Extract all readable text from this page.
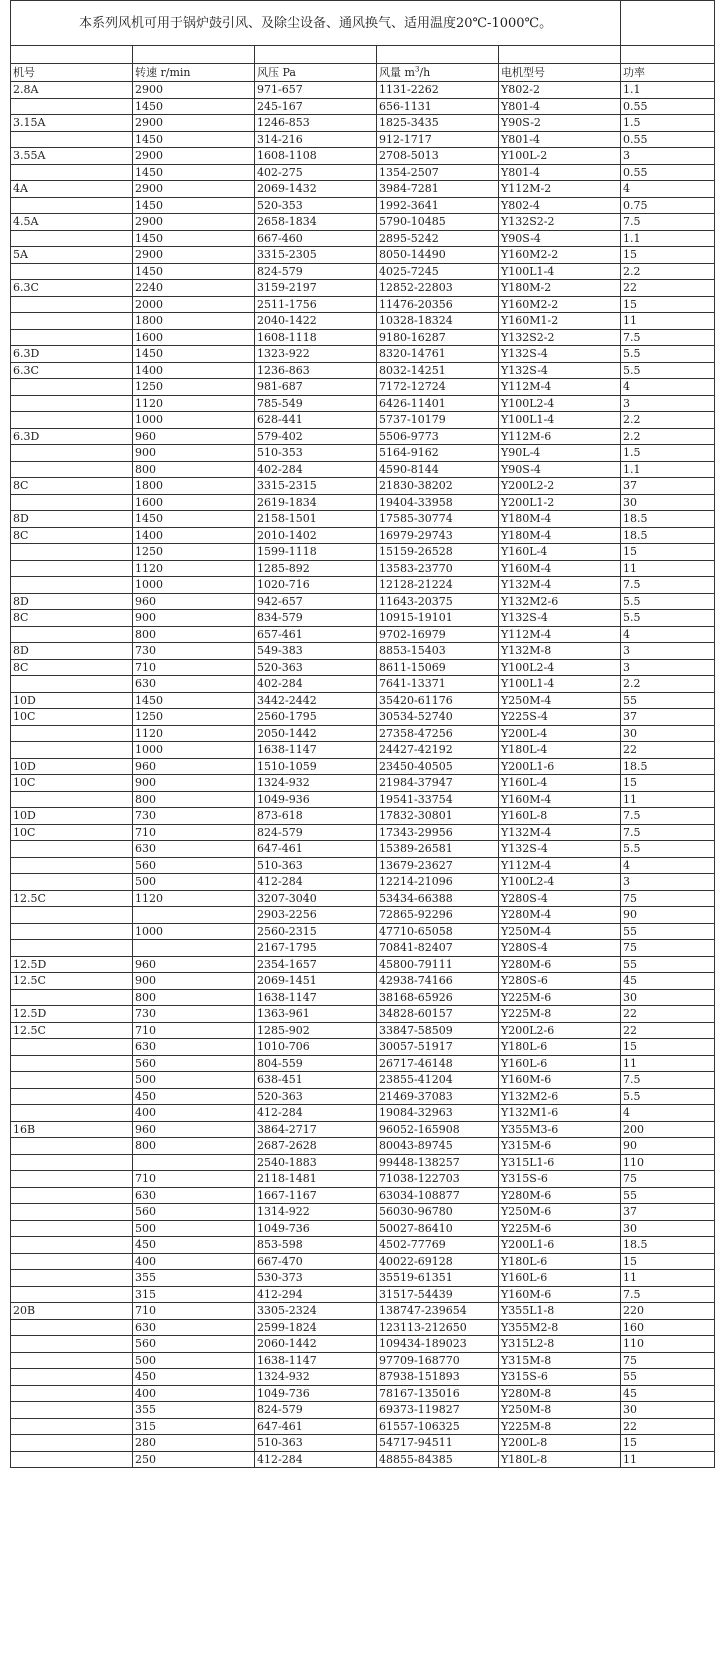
本系列风机可用于锅炉鼓引风、及除尘设备、通风换气、适用温度20℃-1000℃。					

机号	转速 r/min	风压 Pa	风量 $m^3/h$	电机型号	功率
2.8A	2900	971-657	1131-2262	Y802-2	1.1
	1450	245-167	656-1131	Y801-4	0.55
3.15A	2900	1246-853	1825-3435	Y90S-2	1.5
	1450	314-216	912-1717	Y801-4	0.55
3.55A	2900	1608-1108	2708-5013	Y100L-2	3
	1450	402-275	1354-2507	Y801-4	0.55
4A	2900	2069-1432	3984-7281	Y112M-2	4
	1450	520-353	1992-3641	Y802-4	0.75
4.5A	2900	2658-1834	5790-10485	Y132S2-2	7.5
	1450	667-460	2895-5242	Y90S-4	1.1
5A	2900	3315-2305	8050-14490	Y160M2-2	15
	1450	824-579	4025-7245	Y100L1-4	2.2
6.3C	2240	3159-2197	12852-22803	Y180M-2	22
	2000	2511-1756	11476-20356	Y160M2-2	15
	1800	2040-1422	10328-18324	Y160M1-2	11
	1600	1608-1118	9180-16287	Y132S2-2	7.5
6.3D	1450	1323-922	8320-14761	Y132S-4	5.5
6.3C	1400	1236-863	8032-14251	Y132S-4	5.5
	1250	981-687	7172-12724	Y112M-4	4
	1120	785-549	6426-11401	Y100L2-4	3
	1000	628-441	5737-10179	Y100L1-4	2.2
6.3D	960	579-402	5506-9773	Y112M-6	2.2
	900	510-353	5164-9162	Y90L-4	1.5
	800	402-284	4590-8144	Y90S-4	1.1
8C	1800	3315-2315	21830-38202	Y200L2-2	37
	1600	2619-1834	19404-33958	Y200L1-2	30
8D	1450	2158-1501	17585-30774	Y180M-4	18.5
8C	1400	2010-1402	16979-29743	Y180M-4	18.5
	1250	1599-1118	15159-26528	Y160L-4	15
	1120	1285-892	13583-23770	Y160M-4	11
	1000	1020-716	12128-21224	Y132M-4	7.5
8D	960	942-657	11643-20375	Y132M2-6	5.5
8C	900	834-579	10915-19101	Y132S-4	5.5
	800	657-461	9702-16979	Y112M-4	4
8D	730	549-383	8853-15403	Y132M-8	3
8C	710	520-363	8611-15069	Y100L2-4	3
	630	402-284	7641-13371	Y100L1-4	2.2
10D	1450	3442-2442	35420-61176	Y250M-4	55
10C	1250	2560-1795	30534-52740	Y225S-4	37
	1120	2050-1442	27358-47256	Y200L-4	30
	1000	1638-1147	24427-42192	Y180L-4	22
10D	960	1510-1059	23450-40505	Y200L1-6	18.5
10C	900	1324-932	21984-37947	Y160L-4	15
	800	1049-936	19541-33754	Y160M-4	11
10D	730	873-618	17832-30801	Y160L-8	7.5
10C	710	824-579	17343-29956	Y132M-4	7.5
	630	647-461	15389-26581	Y132S-4	5.5
	560	510-363	13679-23627	Y112M-4	4
	500	412-284	12214-21096	Y100L2-4	3
12.5C	1120	3207-3040	53434-66388	Y280S-4	75
		2903-2256	72865-92296	Y280M-4	90
	1000	2560-2315	47710-65058	Y250M-4	55
		2167-1795	70841-82407	Y280S-4	75
12.5D	960	2354-1657	45800-79111	Y280M-6	55
12.5C	900	2069-1451	42938-74166	Y280S-6	45
	800	1638-1147	38168-65926	Y225M-6	30
12.5D	730	1363-961	34828-60157	Y225M-8	22
12.5C	710	1285-902	33847-58509	Y200L2-6	22
	630	1010-706	30057-51917	Y180L-6	15
	560	804-559	26717-46148	Y160L-6	11
	500	638-451	23855-41204	Y160M-6	7.5
	450	520-363	21469-37083	Y132M2-6	5.5
	400	412-284	19084-32963	Y132M1-6	4
16B	960	3864-2717	96052-165908	Y355M3-6	200
	800	2687-2628	80043-89745	Y315M-6	90
		2540-1883	99448-138257	Y315L1-6	110
	710	2118-1481	71038-122703	Y315S-6	75
	630	1667-1167	63034-108877	Y280M-6	55
	560	1314-922	56030-96780	Y250M-6	37
	500	1049-736	50027-86410	Y225M-6	30
	450	853-598	4502-77769	Y200L1-6	18.5
	400	667-470	40022-69128	Y180L-6	15
	355	530-373	35519-61351	Y160L-6	11
	315	412-294	31517-54439	Y160M-6	7.5
20B	710	3305-2324	138747-239654	Y355L1-8	220
	630	2599-1824	123113-212650	Y355M2-8	160
	560	2060-1442	109434-189023	Y315L2-8	110
	500	1638-1147	97709-168770	Y315M-8	75
	450	1324-932	87938-151893	Y315S-6	55
	400	1049-736	78167-135016	Y280M-8	45
	355	824-579	69373-119827	Y250M-8	30
	315	647-461	61557-106325	Y225M-8	22
	280	510-363	54717-94511	Y200L-8	15
	250	412-284	48855-84385	Y180L-8	11
